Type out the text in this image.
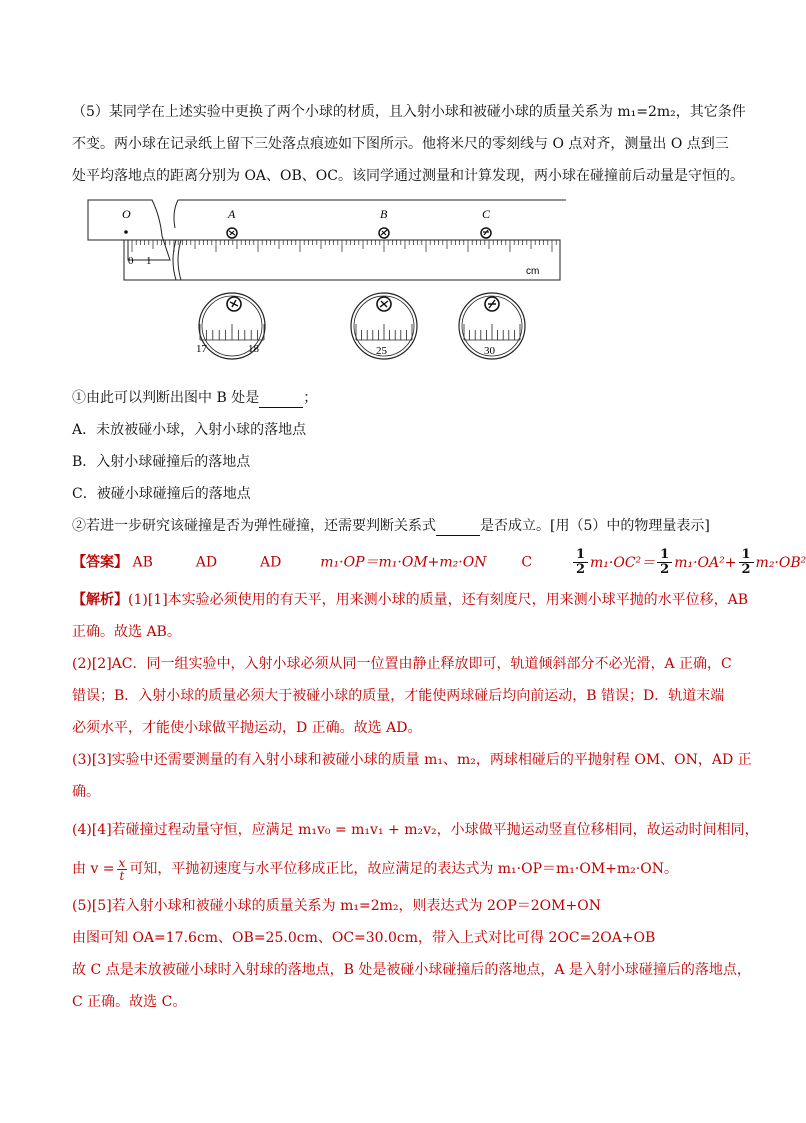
（5）某同学在上述实验中更换了两个小球的材质，且入射小球和被碰小球的质量关系为 m₁=2m₂，其它条件
不变。两小球在记录纸上留下三处落点痕迹如下图所示。他将米尺的零刻线与 O 点对齐，测量出 O 点到三
处平均落地点的距离分别为 OA、OB、OC。该同学通过测量和计算发现，两小球在碰撞前后动量是守恒的。
0 1
cm
O	A	B	C
17	18	25	30
①由此可以判断出图中 B 处是	；
A．未放被碰小球，入射小球的落地点
B．入射小球碰撞后的落地点
C．被碰小球碰撞后的落地点
②若进一步研究该碰撞是否为弹性碰撞，还需要判断关系式	是否成立。[用（5）中的物理量表示]
【答案】 AB	AD	AD	m₁·OP＝m₁·OM+m₂·ON C	$\frac{1}{2} m_1\cdot OC^2= \frac{1}{2} m_1\cdot OA^2+ \frac{1}{2} m_2\cdot OB^2$
【解析】(1)[1]本实验必须使用的有天平，用来测小球的质量，还有刻度尺，用来测小球平抛的水平位移，AB
正确。故选 AB。
(2)[2]AC．同一组实验中，入射小球必须从同一位置由静止释放即可，轨道倾斜部分不必光滑，A 正确，C
错误；B．入射小球的质量必须大于被碰小球的质量，才能使两球碰后均向前运动，B 错误；D．轨道末端
必须水平，才能使小球做平抛运动，D 正确。故选 AD。
(3)[3]实验中还需要测量的有入射小球和被碰小球的质量 m₁、m₂，两球相碰后的平抛射程 OM、ON，AD 正
确。
(4)[4]若碰撞过程动量守恒，应满足 m₁v₀ = m₁v₁ + m₂v₂，小球做平抛运动竖直位移相同，故运动时间相同，
由 $v = \frac{x}{t}$ 可知，平抛初速度与水平位移成正比，故应满足的表达式为 m₁·OP＝m₁·OM+m₂·ON。
(5)[5]若入射小球和被碰小球的质量关系为 m₁=2m₂，则表达式为 2OP＝2OM+ON
由图可知 OA=17.6cm、OB=25.0cm、OC=30.0cm，带入上式对比可得 2OC=2OA+OB
故 C 点是未放被碰小球时入射球的落地点，B 处是被碰小球碰撞后的落地点，A 是入射小球碰撞后的落地点，
C 正确。故选 C。
